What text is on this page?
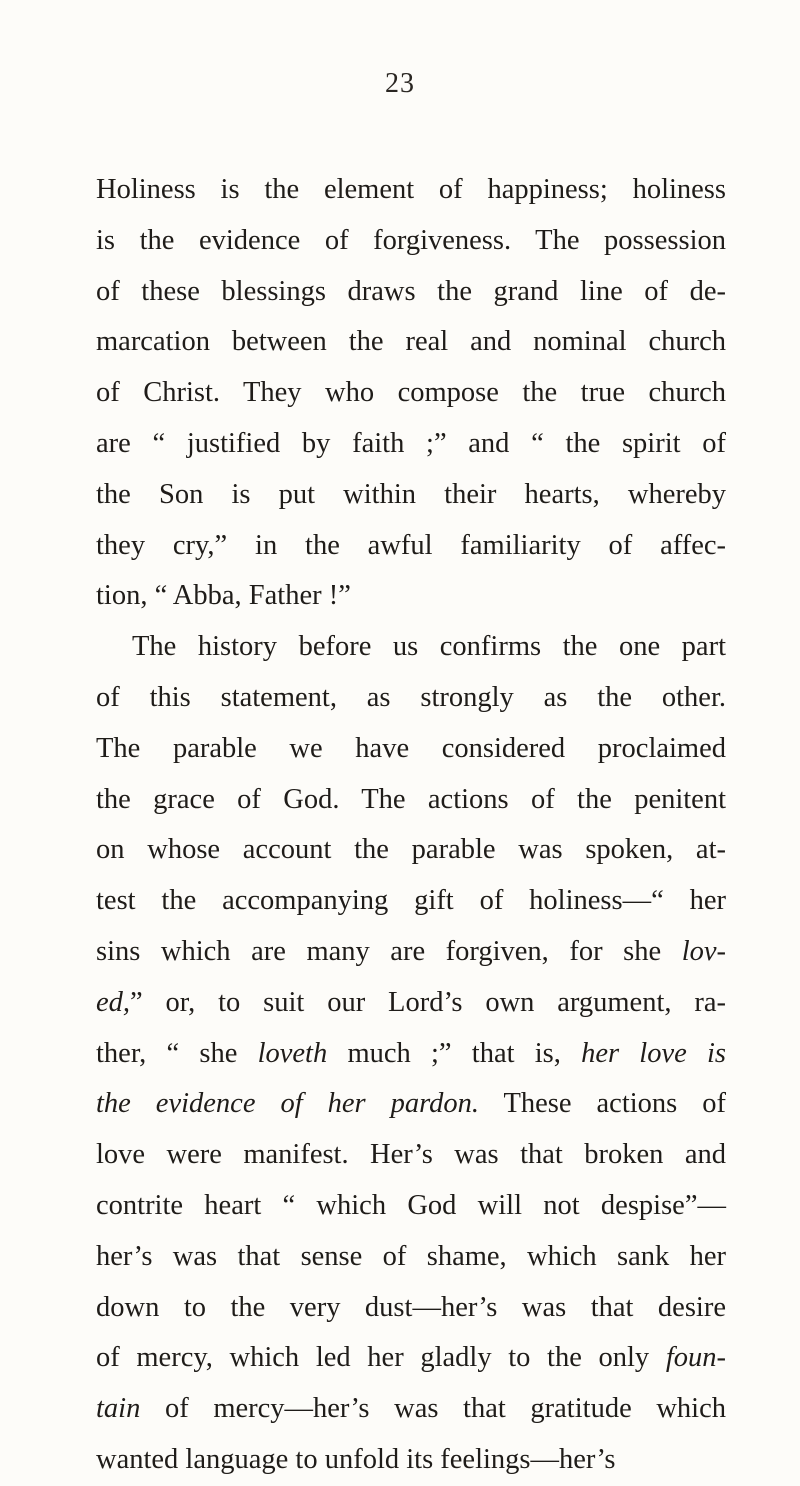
23
Holiness is the element of happiness; holiness
is the evidence of forgiveness. The possession
of these blessings draws the grand line of de-
marcation between the real and nominal church
of Christ. They who compose the true church
are “ justified by faith ;” and “ the spirit of
the Son is put within their hearts, whereby
they cry,” in the awful familiarity of affec-
tion, “ Abba, Father !”
The history before us confirms the one part
of this statement, as strongly as the other.
The parable we have considered proclaimed
the grace of God. The actions of the penitent
on whose account the parable was spoken, at-
test the accompanying gift of holiness—“ her
sins which are many are forgiven, for she lov-
ed,” or, to suit our Lord’s own argument, ra-
ther, “ she loveth much ;” that is, her love is
the evidence of her pardon. These actions of
love were manifest. Her’s was that broken and
contrite heart “ which God will not despise”—
her’s was that sense of shame, which sank her
down to the very dust—her’s was that desire
of mercy, which led her gladly to the only foun-
tain of mercy—her’s was that gratitude which
wanted language to unfold its feelings—her’s
